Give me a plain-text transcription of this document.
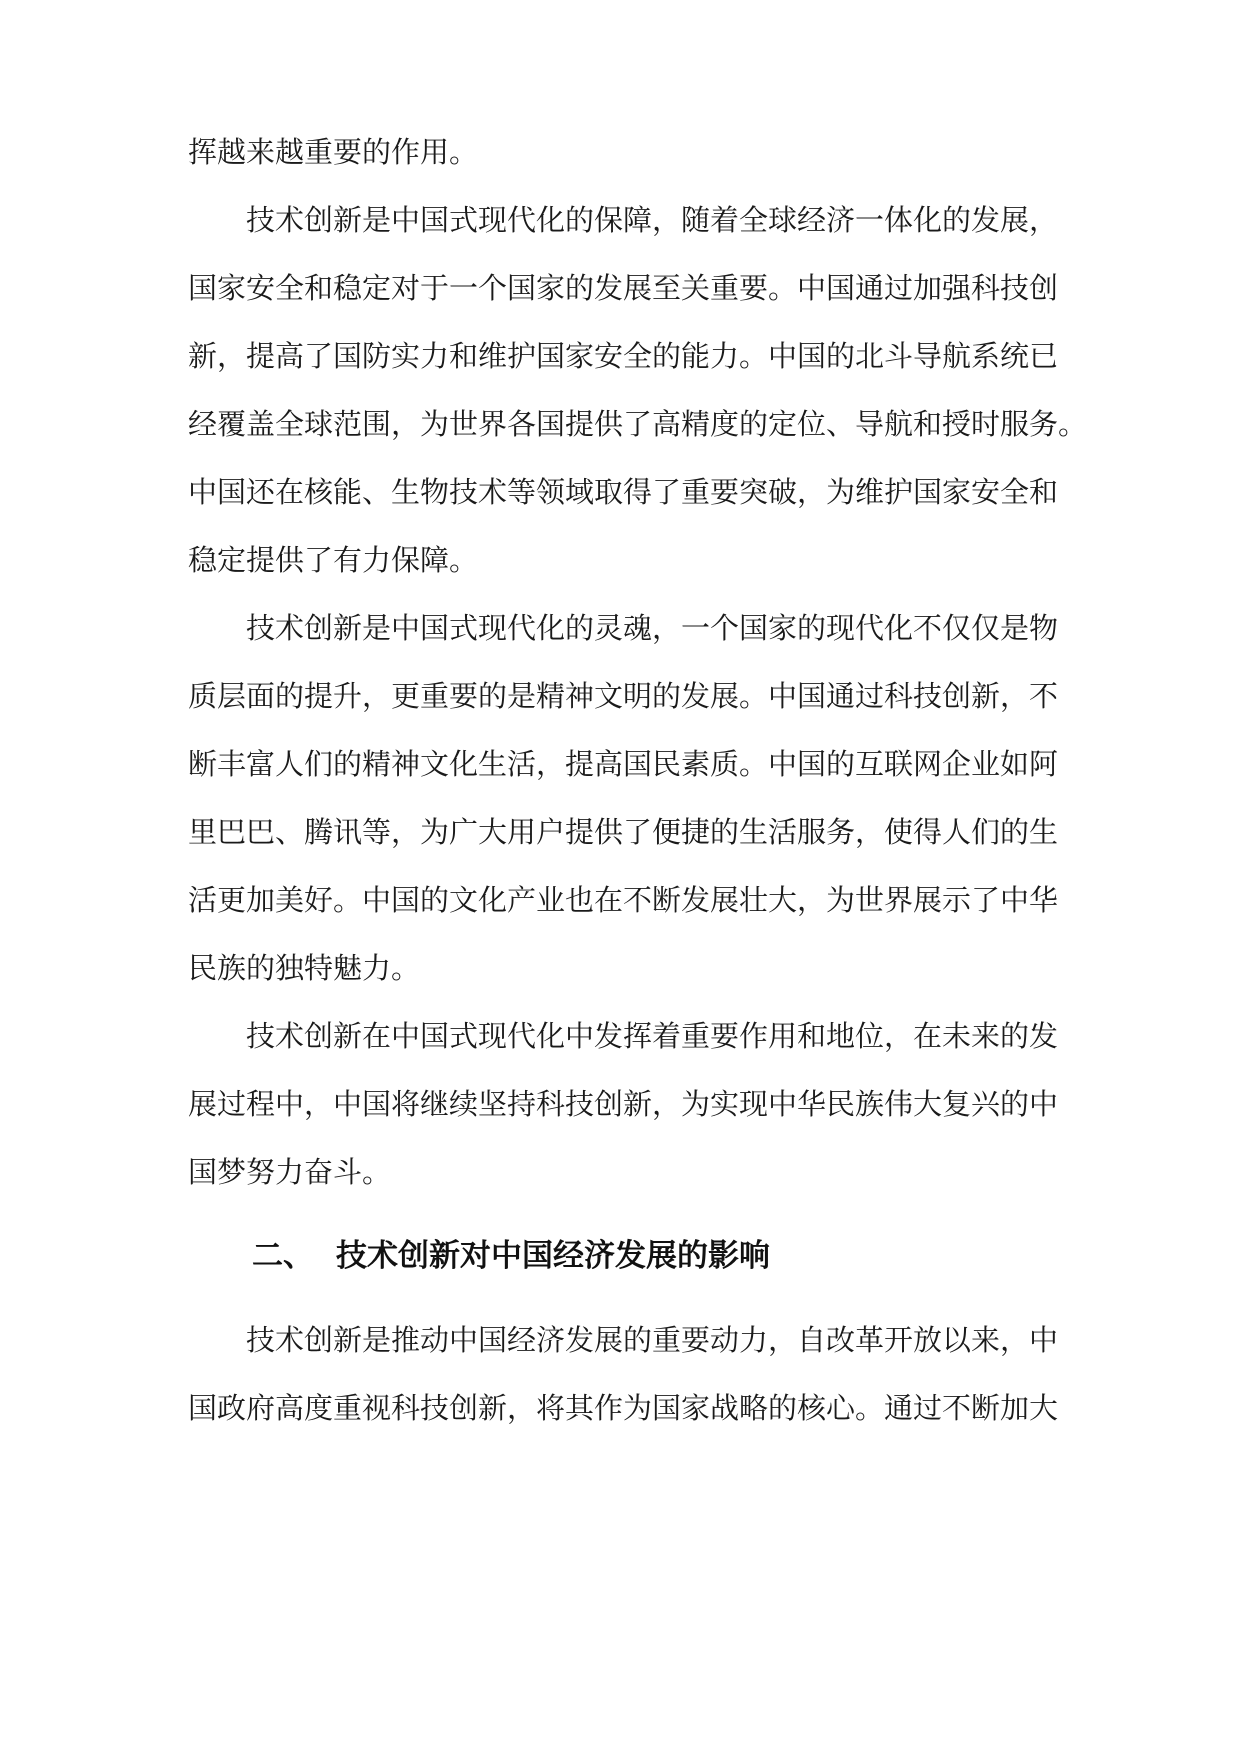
挥越来越重要的作用。
技术创新是中国式现代化的保障，随着全球经济一体化的发展，
国家安全和稳定对于一个国家的发展至关重要。中国通过加强科技创
新，提高了国防实力和维护国家安全的能力。中国的北斗导航系统已
经覆盖全球范围，为世界各国提供了高精度的定位、导航和授时服务。
中国还在核能、生物技术等领域取得了重要突破，为维护国家安全和
稳定提供了有力保障。
技术创新是中国式现代化的灵魂，一个国家的现代化不仅仅是物
质层面的提升，更重要的是精神文明的发展。中国通过科技创新，不
断丰富人们的精神文化生活，提高国民素质。中国的互联网企业如阿
里巴巴、腾讯等，为广大用户提供了便捷的生活服务，使得人们的生
活更加美好。中国的文化产业也在不断发展壮大，为世界展示了中华
民族的独特魅力。
技术创新在中国式现代化中发挥着重要作用和地位，在未来的发
展过程中，中国将继续坚持科技创新，为实现中华民族伟大复兴的中
国梦努力奋斗。
二、 技术创新对中国经济发展的影响
技术创新是推动中国经济发展的重要动力，自改革开放以来，中
国政府高度重视科技创新，将其作为国家战略的核心。通过不断加大
